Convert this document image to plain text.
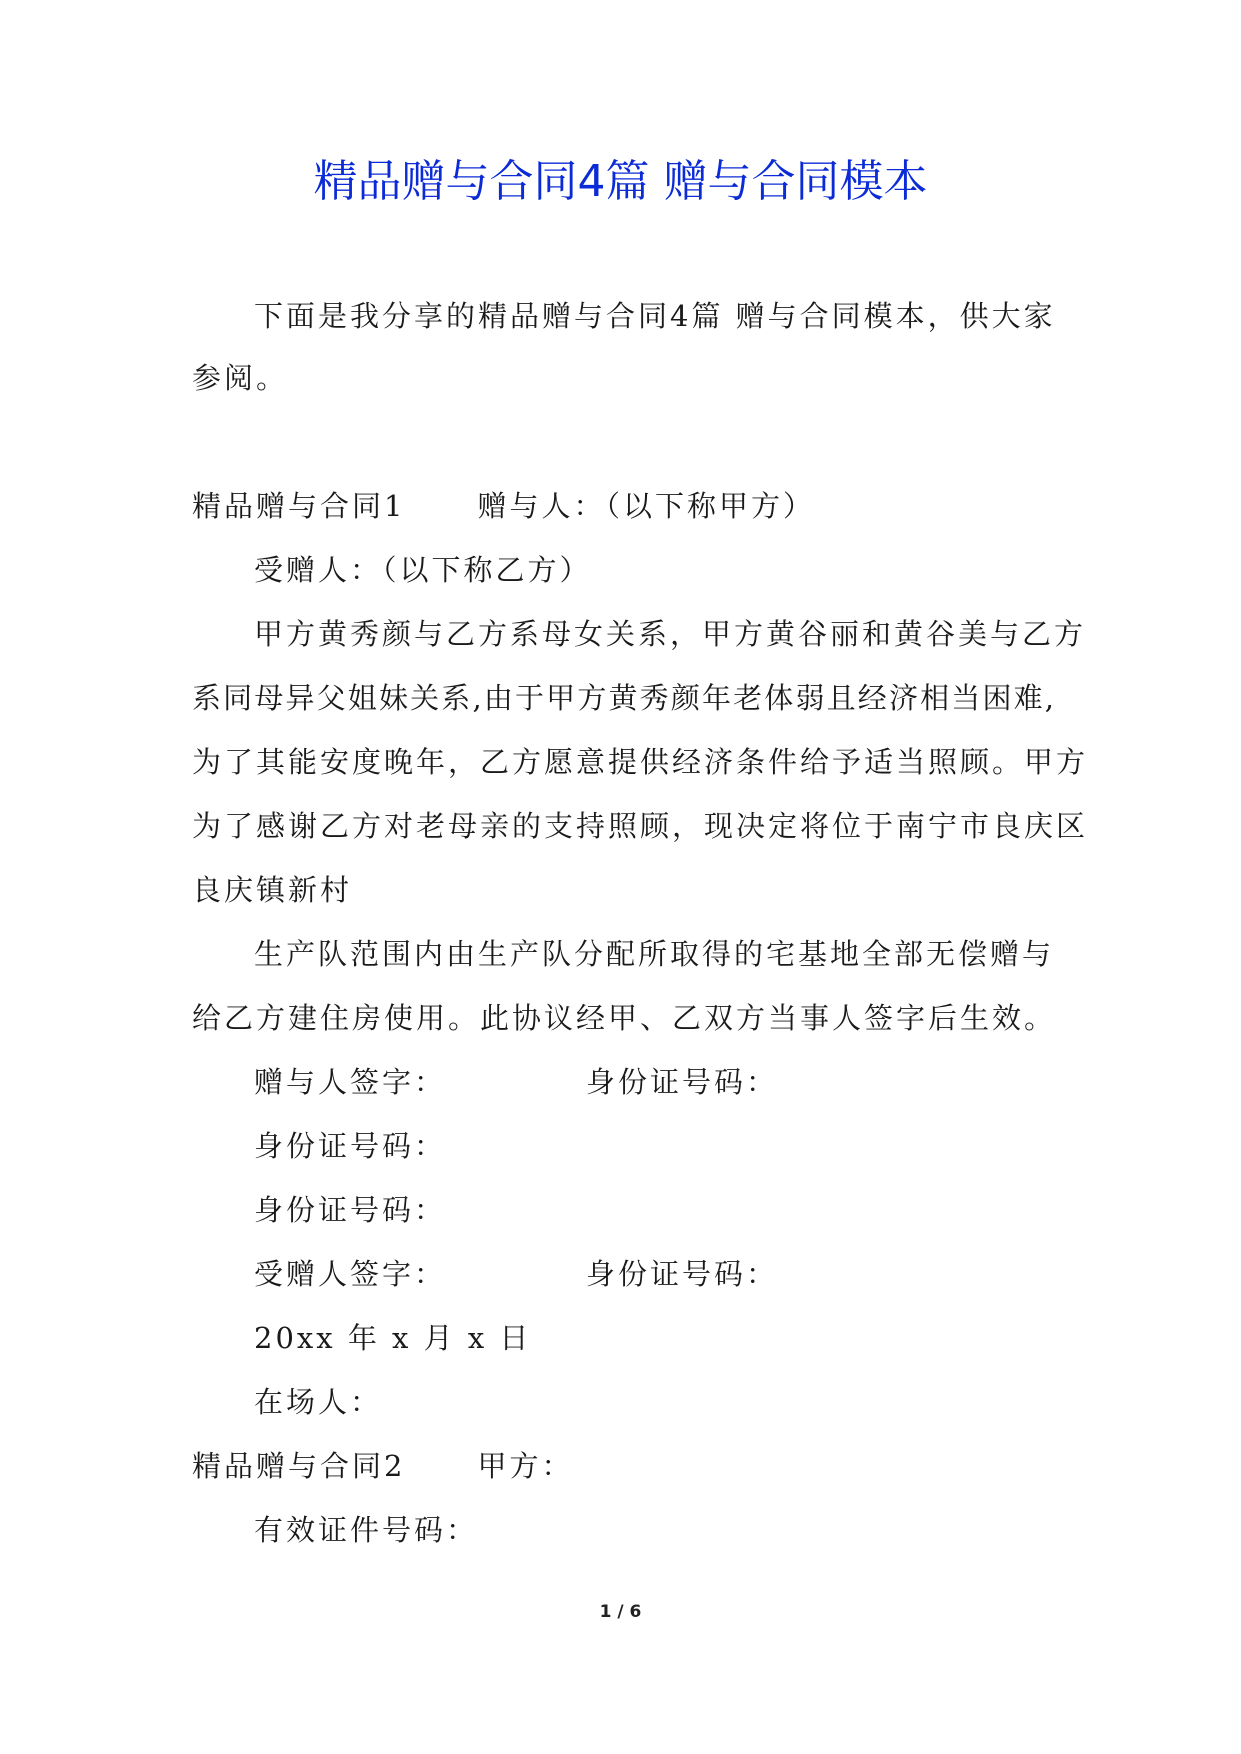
精品赠与合同4篇 赠与合同模本
下面是我分享的精品赠与合同4篇 赠与合同模本，供大家
参阅。
精品赠与合同1 赠与人：（以下称甲方）
受赠人：（以下称乙方）
甲方黄秀颜与乙方系母女关系，甲方黄谷丽和黄谷美与乙方
系同母异父姐妹关系,由于甲方黄秀颜年老体弱且经济相当困难,
为了其能安度晚年，乙方愿意提供经济条件给予适当照顾。甲方
为了感谢乙方对老母亲的支持照顾，现决定将位于南宁市良庆区
良庆镇新村
生产队范围内由生产队分配所取得的宅基地全部无偿赠与
给乙方建住房使用。此协议经甲、乙双方当事人签字后生效。
赠与人签字：	身份证号码：
身份证号码：
身份证号码：
受赠人签字：	身份证号码：
20xx 年 x 月 x 日
在场人：
精品赠与合同2 甲方：
有效证件号码：
1 / 6
